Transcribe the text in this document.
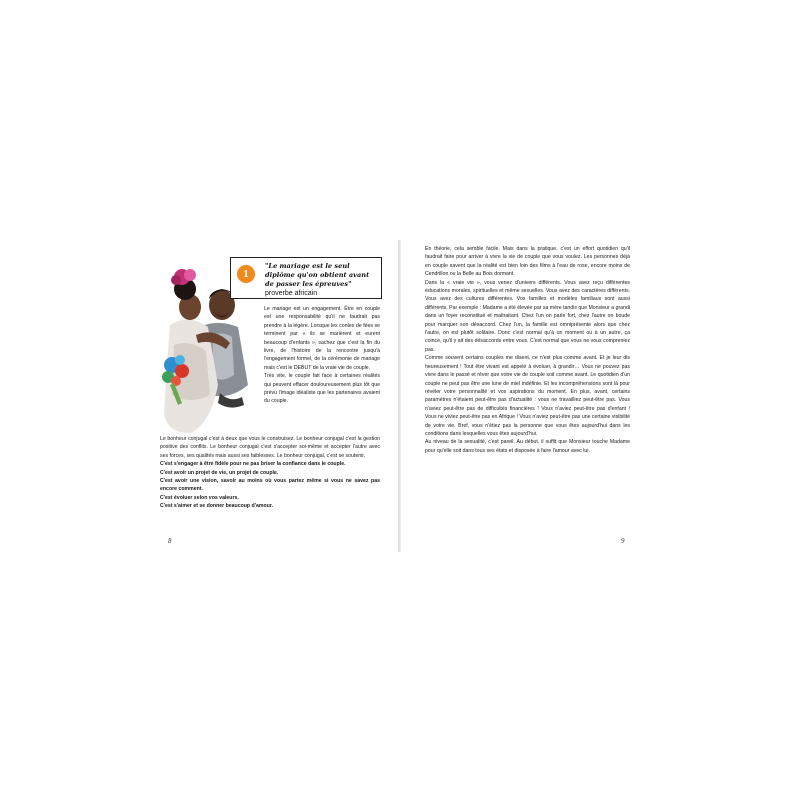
1
"Le mariage est le seul diplôme qu'on obtient avant de passer les épreuves" proverbe africain

Le mariage est un engagement. Être en couple est une responsabilité qu'il ne faudrait pas prendre à la légère. Lorsque les contes de fées se terminent par « ils se marièrent et eurent beaucoup d'enfants », sachez que c'est la fin du livre, de l'histoire de la rencontre jusqu'à l'engagement formel, de la cérémonie de mariage mais c'est le DEBUT de la vraie vie de couple.

Très vite, le couple fait face à certaines réalités qui peuvent effacer douloureusement plus tôt que prévu l'image idéaliste que les partenaires avaient du couple.

Le bonheur conjugal c'est à deux que vous le construisez. Le bonheur conjugal c'est la gestion positive des conflits. Le bonheur conjugal c'est s'accepter soi-même et accepter l'autre avec ses forces, ses qualités mais aussi ses faiblesses. Le bonheur conjugal, c'est se soutenir.

C'est s'engager à être fidèle pour ne pas briser la confiance dans le couple.

C'est avoir un projet de vie, un projet de couple.

C'est avoir une vision, savoir au moins où vous partez même si vous ne savez pas encore comment.

C'est évoluer selon vos valeurs.

C'est s'aimer et se donner beaucoup d'amour.

8

En théorie, cela semble facile. Mais dans la pratique, c'est un effort quotidien qu'il faudrait faire pour arriver à vivre la vie de couple que vous voulez. Les personnes déjà en couple savent que la réalité est bien loin des films à l'eau de rose, encore moins de Cendrillon ou la Belle au Bois dormant.

Dans la « vraie vie », vous venez d'univers différents. Vous avez reçu différentes éducations morales, spirituelles et même sexuelles. Vous avez des caractères différents. Vous avez des cultures différentes. Vos familles et modèles familiaux sont aussi différents. Par exemple : Madame a été élevée par sa mère tandis que Monsieur a grandi dans un foyer reconstitué et maltraitant. Chez l'un on parle fort, chez l'autre on boude pour marquer son désaccord. Chez l'un, la famille est omniprésente alors que chez l'autre, on est plutôt solitaire. Donc c'est normal qu'à un moment ou à un autre, ça coince, qu'il y ait des désaccords entre vous. C'est normal que vous ne vous compreniez pas.

Comme souvent certains couples me disent, ce n'est plus comme avant. Et je leur dis heureusement ! Tout être vivant est appelé à évoluer, à grandir… Vous ne pouvez pas vivre dans le passé et rêver que votre vie de couple soit comme avant. Le quotidien d'un couple ne peut pas être une lune de miel indéfinie. Et les incompréhensions sont là pour révéler votre personnalité et vos aspirations du moment. En plus, avant, certains paramètres n'étaient peut-être pas d'actualité : vous ne travailliez peut-être pas. Vous n'aviez peut-être pas de difficultés financières ! Vous n'aviez peut-être pas d'enfant ! Vous ne viviez peut-être pas en Afrique ! Vous n'aviez peut-être pas une certaine visibilité de votre vie. Bref, vous n'étiez pas la personne que vous êtes aujourd'hui dans les conditions dans lesquelles vous êtes aujourd'hui.

Au niveau de la sexualité, c'est pareil. Au début, il suffit que Monsieur touche Madame pour qu'elle soit dans tous ses états et disposée à faire l'amour avec lui.

9
